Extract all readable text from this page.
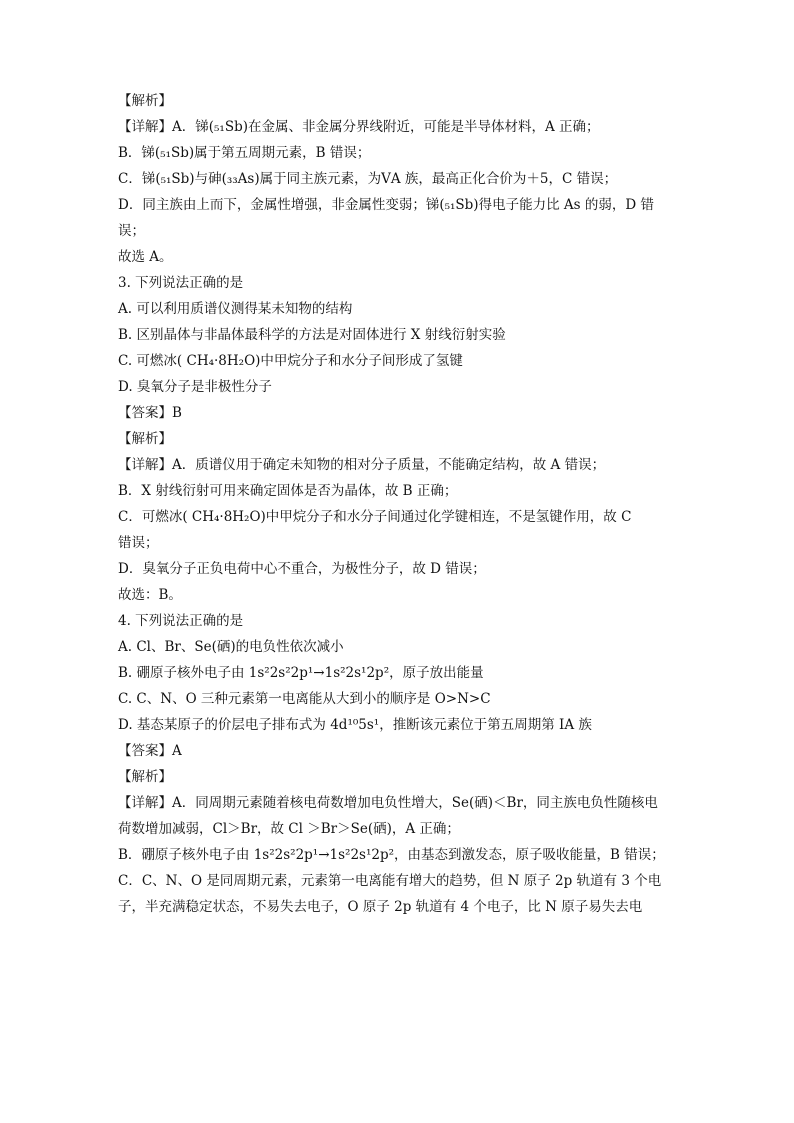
【解析】

【详解】A．锑(₅₁Sb)在金属、非金属分界线附近，可能是半导体材料，A 正确；

B．锑(₅₁Sb)属于第五周期元素，B 错误；

C．锑(₅₁Sb)与砷(₃₃As)属于同主族元素，为ⅤA 族，最高正化合价为＋5，C 错误；

D．同主族由上而下，金属性增强，非金属性变弱；锑(₅₁Sb)得电子能力比 As 的弱，D 错

误；

故选 A。

3. 下列说法正确的是

A. 可以利用质谱仪测得某未知物的结构

B. 区别晶体与非晶体最科学的方法是对固体进行 X 射线衍射实验

C. 可燃冰( CH₄·8H₂O)中甲烷分子和水分子间形成了氢键

D. 臭氧分子是非极性分子

【答案】B

【解析】

【详解】A．质谱仪用于确定未知物的相对分子质量，不能确定结构，故 A 错误；

B．X 射线衍射可用来确定固体是否为晶体，故 B 正确；

C．可燃冰( CH₄·8H₂O)中甲烷分子和水分子间通过化学键相连，不是氢键作用，故 C

错误；

D．臭氧分子正负电荷中心不重合，为极性分子，故 D 错误；

故选：B。

4. 下列说法正确的是

A. Cl、Br、Se(硒)的电负性依次减小

B. 硼原子核外电子由 1s²2s²2p¹→1s²2s¹2p²，原子放出能量

C. C、N、O 三种元素第一电离能从大到小的顺序是 O>N>C

D. 基态某原子的价层电子排布式为 4d¹⁰5s¹，推断该元素位于第五周期第 IA 族

【答案】A

【解析】

【详解】A．同周期元素随着核电荷数增加电负性增大，Se(硒)＜Br，同主族电负性随核电

荷数增加减弱，Cl＞Br，故 Cl ＞Br＞Se(硒)，A 正确；

B．硼原子核外电子由 1s²2s²2p¹→1s²2s¹2p²，由基态到激发态，原子吸收能量，B 错误；

C．C、N、O 是同周期元素，元素第一电离能有增大的趋势，但 N 原子 2p 轨道有 3 个电

子，半充满稳定状态，不易失去电子，O 原子 2p 轨道有 4 个电子，比 N 原子易失去电
